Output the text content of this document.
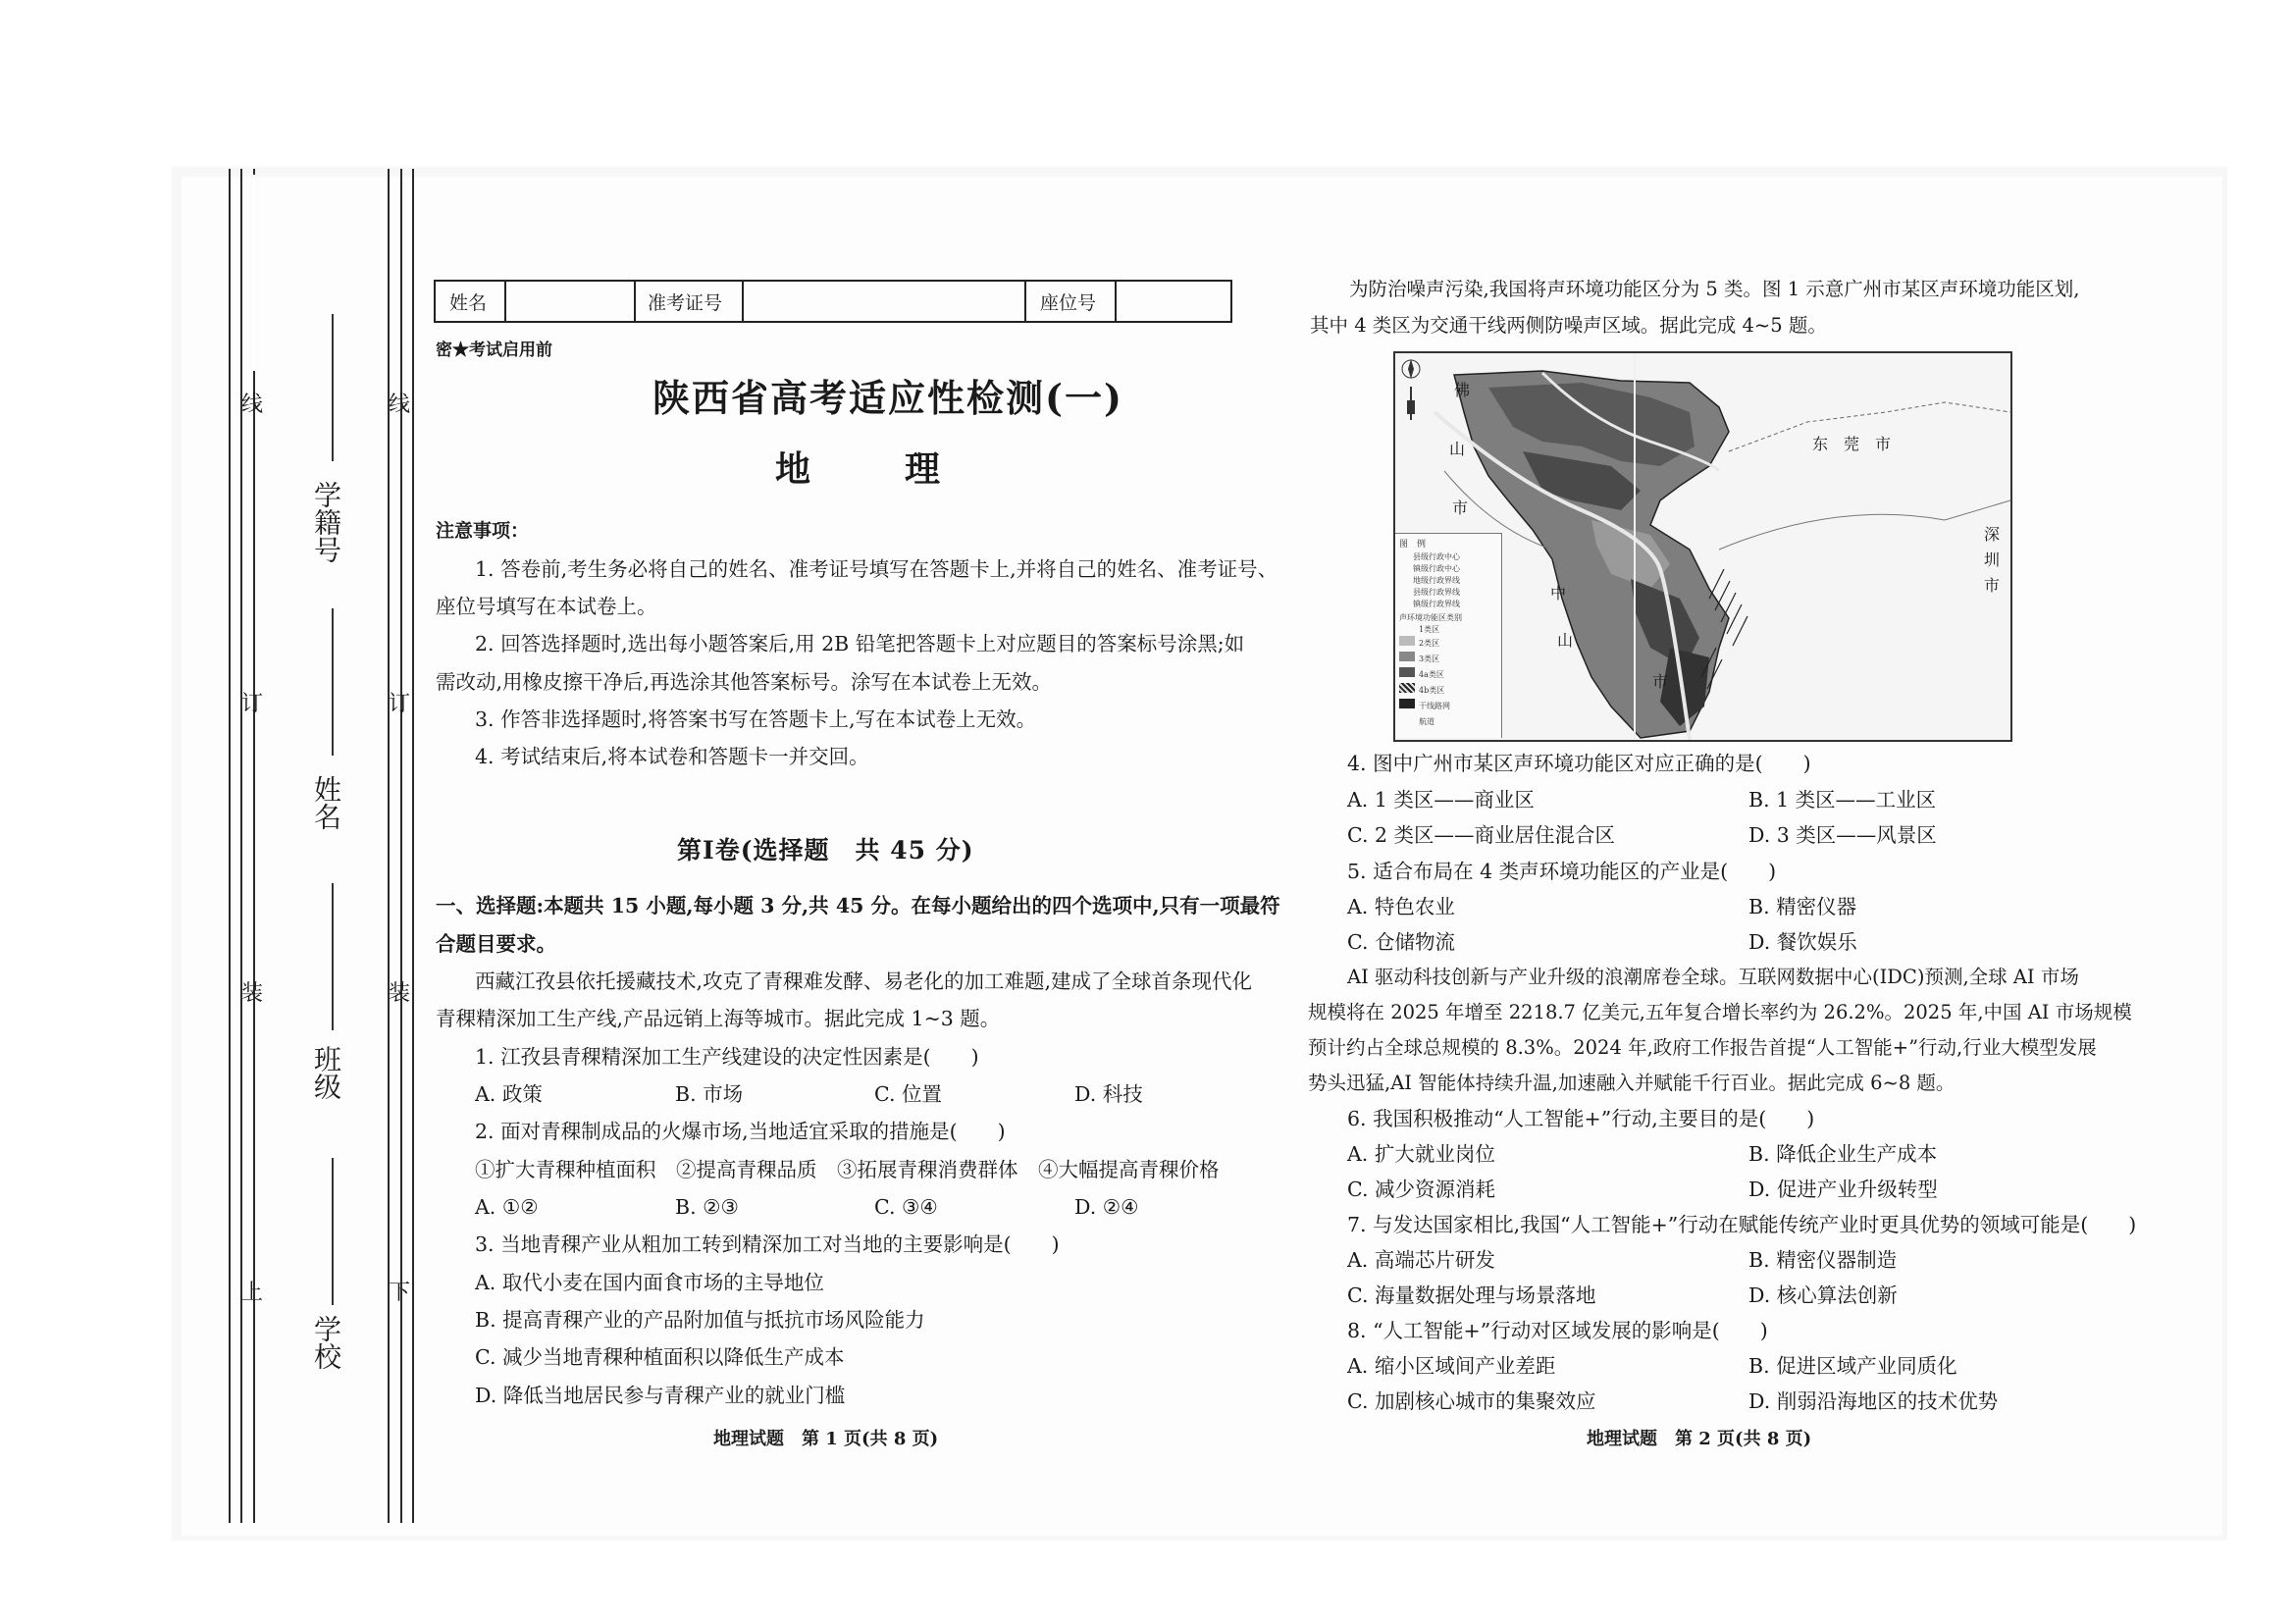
线
订
装
上
线
订
装
下
学籍号
姓名
班级
学校
姓名	准考证号	座位号
密★考试启用前
陕西省高考适应性检测(一)
地　理
注意事项：
1. 答卷前,考生务必将自己的姓名、准考证号填写在答题卡上,并将自己的姓名、准考证号、
座位号填写在本试卷上。
2. 回答选择题时,选出每小题答案后,用 2B 铅笔把答题卡上对应题目的答案标号涂黑;如
需改动,用橡皮擦干净后,再选涂其他答案标号。涂写在本试卷上无效。
3. 作答非选择题时,将答案书写在答题卡上,写在本试卷上无效。
4. 考试结束后,将本试卷和答题卡一并交回。
第Ⅰ卷(选择题　共 45 分)
一、选择题:本题共 15 小题,每小题 3 分,共 45 分。在每小题给出的四个选项中,只有一项最符
合题目要求。
西藏江孜县依托援藏技术,攻克了青稞难发酵、易老化的加工难题,建成了全球首条现代化
青稞精深加工生产线,产品远销上海等城市。据此完成 1~3 题。
1. 江孜县青稞精深加工生产线建设的决定性因素是(　　)
A. 政策	B. 市场	C. 位置	D. 科技
2. 面对青稞制成品的火爆市场,当地适宜采取的措施是(　　)
①扩大青稞种植面积　②提高青稞品质　③拓展青稞消费群体　④大幅提高青稞价格
A. ①②	B. ②③	C. ③④	D. ②④
3. 当地青稞产业从粗加工转到精深加工对当地的主要影响是(　　)
A. 取代小麦在国内面食市场的主导地位
B. 提高青稞产业的产品附加值与抵抗市场风险能力
C. 减少当地青稞种植面积以降低生产成本
D. 降低当地居民参与青稞产业的就业门槛
地理试题　第 1 页(共 8 页)
为防治噪声污染,我国将声环境功能区分为 5 类。图 1 示意广州市某区声环境功能区划,
其中 4 类区为交通干线两侧防噪声区域。据此完成 4~5 题。
佛
山
市
东　莞　市
深
圳
市
中
山
市
图　例
县级行政中心
镇级行政中心
地级行政界线
县级行政界线
镇级行政界线
声环境功能区类别
1类区
2类区
3类区
4a类区
4b类区
干线路网
航道
4. 图中广州市某区声环境功能区对应正确的是(　　)
A. 1 类区——商业区	B. 1 类区——工业区
C. 2 类区——商业居住混合区	D. 3 类区——风景区
5. 适合布局在 4 类声环境功能区的产业是(　　)
A. 特色农业	B. 精密仪器
C. 仓储物流	D. 餐饮娱乐
AI 驱动科技创新与产业升级的浪潮席卷全球。互联网数据中心(IDC)预测,全球 AI 市场
规模将在 2025 年增至 2218.7 亿美元,五年复合增长率约为 26.2%。2025 年,中国 AI 市场规模
预计约占全球总规模的 8.3%。2024 年,政府工作报告首提“人工智能+”行动,行业大模型发展
势头迅猛,AI 智能体持续升温,加速融入并赋能千行百业。据此完成 6~8 题。
6. 我国积极推动“人工智能+”行动,主要目的是(　　)
A. 扩大就业岗位	B. 降低企业生产成本
C. 减少资源消耗	D. 促进产业升级转型
7. 与发达国家相比,我国“人工智能+”行动在赋能传统产业时更具优势的领域可能是(　　)
A. 高端芯片研发	B. 精密仪器制造
C. 海量数据处理与场景落地	D. 核心算法创新
8. “人工智能+”行动对区域发展的影响是(　　)
A. 缩小区域间产业差距	B. 促进区域产业同质化
C. 加剧核心城市的集聚效应	D. 削弱沿海地区的技术优势
地理试题　第 2 页(共 8 页)
